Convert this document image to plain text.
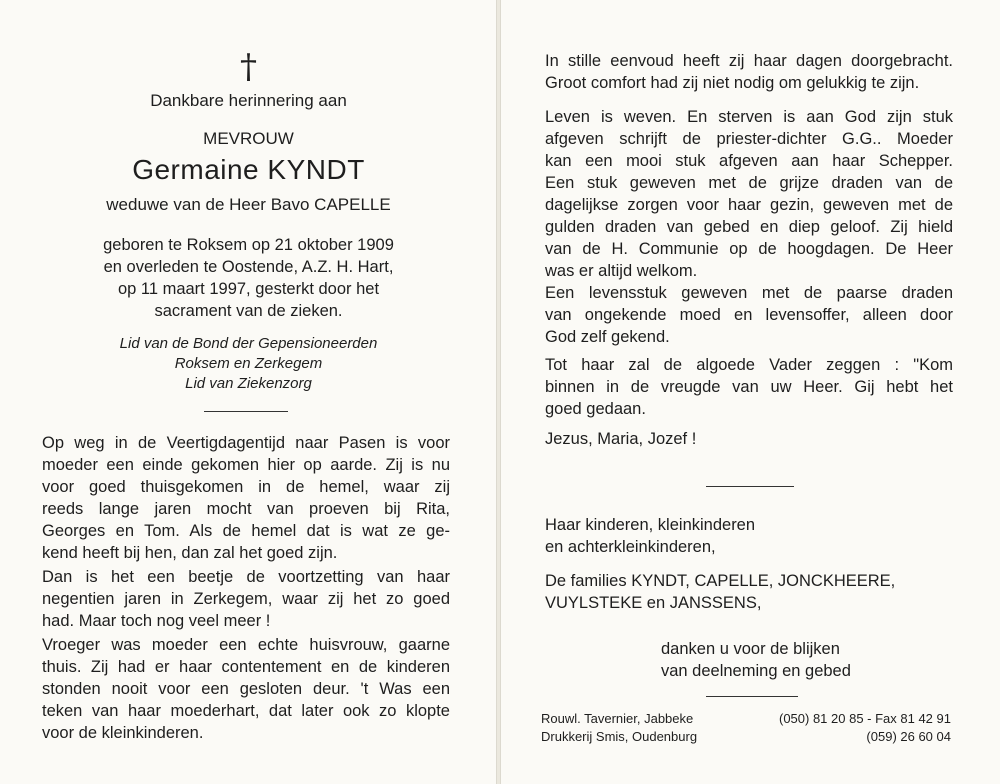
†
Dankbare herinnering aan
MEVROUW
Germaine KYNDT
weduwe van de Heer Bavo CAPELLE
geboren te Roksem op 21 oktober 1909
en overleden te Oostende, A.Z. H. Hart,
op 11 maart 1997, gesterkt door het
sacrament van de zieken.
Lid van de Bond der Gepensioneerden
Roksem en Zerkegem
Lid van Ziekenzorg
Op weg in de Veertigdagentijd naar Pasen is voor
moeder een einde gekomen hier op aarde. Zij is nu
voor goed thuisgekomen in de hemel, waar zij
reeds lange jaren mocht van proeven bij Rita,
Georges en Tom. Als de hemel dat is wat ze ge-
kend heeft bij hen, dan zal het goed zijn.
Dan is het een beetje de voortzetting van haar
negentien jaren in Zerkegem, waar zij het zo goed
had. Maar toch nog veel meer !
Vroeger was moeder een echte huisvrouw, gaarne
thuis. Zij had er haar contentement en de kinderen
stonden nooit voor een gesloten deur. 't Was een
teken van haar moederhart, dat later ook zo klopte
voor de kleinkinderen.
In stille eenvoud heeft zij haar dagen doorgebracht.
Groot comfort had zij niet nodig om gelukkig te zijn.
Leven is weven. En sterven is aan God zijn stuk
afgeven schrijft de priester-dichter G.G.. Moeder
kan een mooi stuk afgeven aan haar Schepper.
Een stuk geweven met de grijze draden van de
dagelijkse zorgen voor haar gezin, geweven met de
gulden draden van gebed en diep geloof. Zij hield
van de H. Communie op de hoogdagen. De Heer
was er altijd welkom.
Een levensstuk geweven met de paarse draden
van ongekende moed en levensoffer, alleen door
God zelf gekend.
Tot haar zal de algoede Vader zeggen : "Kom
binnen in de vreugde van uw Heer. Gij hebt het
goed gedaan.
Jezus, Maria, Jozef !
Haar kinderen, kleinkinderen
en achterkleinkinderen,
De families KYNDT, CAPELLE, JONCKHEERE,
VUYLSTEKE en JANSSENS,
danken u voor de blijken
van deelneming en gebed
Rouwl. Tavernier, Jabbeke	(050) 81 20 85 - Fax 81 42 91
Drukkerij Smis, Oudenburg	(059) 26 60 04
